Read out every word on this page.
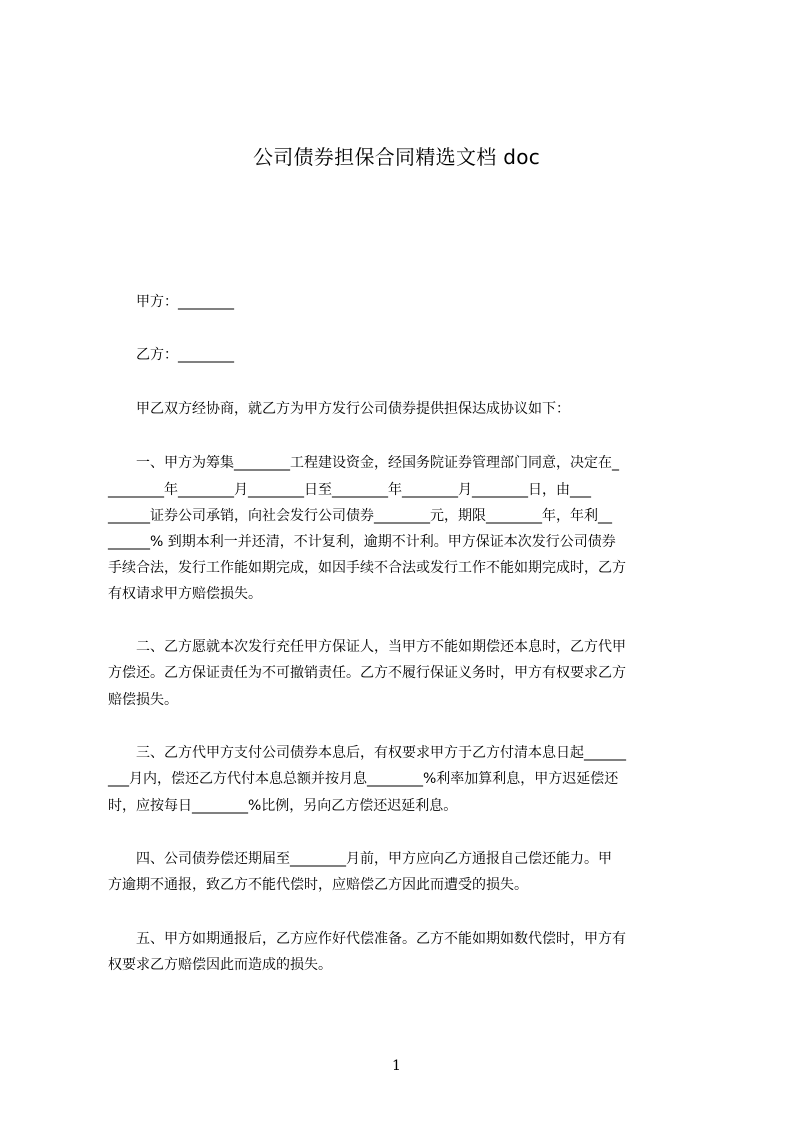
公司债券担保合同精选文档 doc
甲方：________
乙方：________
甲乙双方经协商，就乙方为甲方发行公司债券提供担保达成协议如下：
一、甲方为筹集________工程建设资金，经国务院证券管理部门同意，决定在_
________年________月________日至________年________月________日，由___
______证券公司承销，向社会发行公司债券________元，期限________年，年利__
______% 到期本利一并还清，不计复利，逾期不计利。甲方保证本次发行公司债券
手续合法，发行工作能如期完成，如因手续不合法或发行工作不能如期完成时，乙方
有权请求甲方赔偿损失。
二、乙方愿就本次发行充任甲方保证人，当甲方不能如期偿还本息时，乙方代甲
方偿还。乙方保证责任为不可撤销责任。乙方不履行保证义务时，甲方有权要求乙方
赔偿损失。
三、乙方代甲方支付公司债券本息后，有权要求甲方于乙方付清本息日起______
___月内，偿还乙方代付本息总额并按月息________%利率加算利息，甲方迟延偿还
时，应按每日________%比例，另向乙方偿还迟延利息。
四、公司债券偿还期届至________月前，甲方应向乙方通报自己偿还能力。甲
方逾期不通报，致乙方不能代偿时，应赔偿乙方因此而遭受的损失。
五、甲方如期通报后，乙方应作好代偿准备。乙方不能如期如数代偿时，甲方有
权要求乙方赔偿因此而造成的损失。
1
